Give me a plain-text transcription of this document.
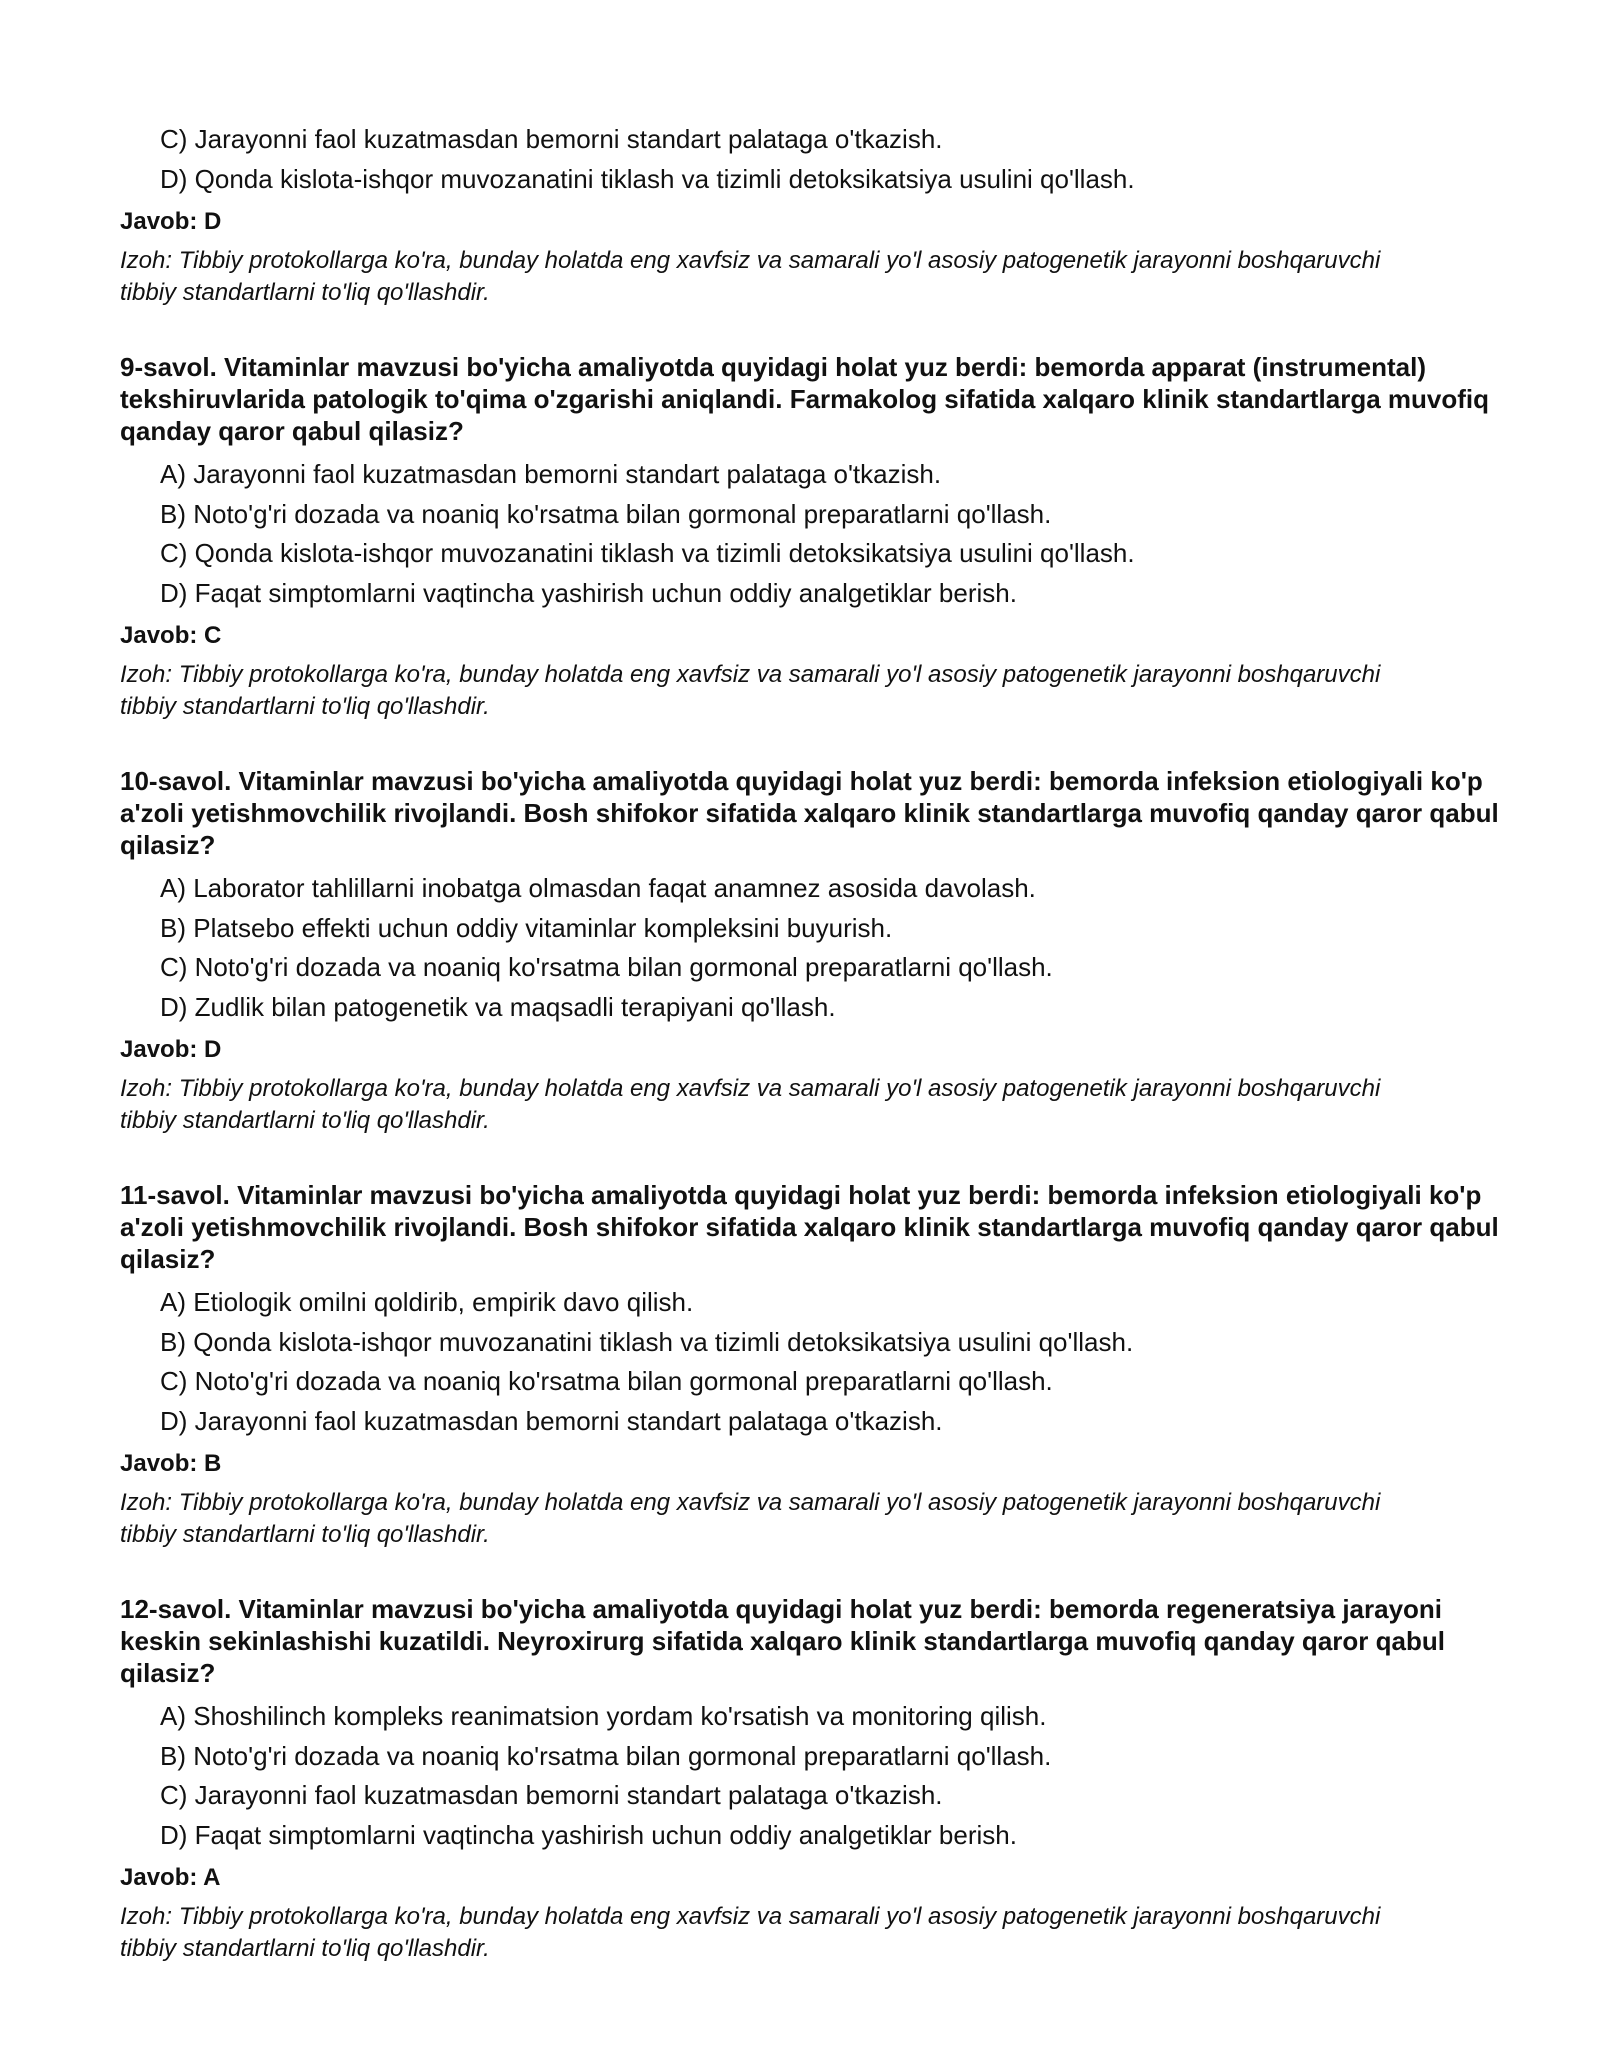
C) Jarayonni faol kuzatmasdan bemorni standart palataga o'tkazish.
D) Qonda kislota-ishqor muvozanatini tiklash va tizimli detoksikatsiya usulini qo'llash.
Javob: D
Izoh: Tibbiy protokollarga ko'ra, bunday holatda eng xavfsiz va samarali yo'l asosiy patogenetik jarayonni boshqaruvchi tibbiy standartlarni to'liq qo'llashdir.
9-savol. Vitaminlar mavzusi bo'yicha amaliyotda quyidagi holat yuz berdi: bemorda apparat (instrumental) tekshiruvlarida patologik to'qima o'zgarishi aniqlandi. Farmakolog sifatida xalqaro klinik standartlarga muvofiq qanday qaror qabul qilasiz?
A) Jarayonni faol kuzatmasdan bemorni standart palataga o'tkazish.
B) Noto'g'ri dozada va noaniq ko'rsatma bilan gormonal preparatlarni qo'llash.
C) Qonda kislota-ishqor muvozanatini tiklash va tizimli detoksikatsiya usulini qo'llash.
D) Faqat simptomlarni vaqtincha yashirish uchun oddiy analgetiklar berish.
Javob: C
Izoh: Tibbiy protokollarga ko'ra, bunday holatda eng xavfsiz va samarali yo'l asosiy patogenetik jarayonni boshqaruvchi tibbiy standartlarni to'liq qo'llashdir.
10-savol. Vitaminlar mavzusi bo'yicha amaliyotda quyidagi holat yuz berdi: bemorda infeksion etiologiyali ko'p a'zoli yetishmovchilik rivojlandi. Bosh shifokor sifatida xalqaro klinik standartlarga muvofiq qanday qaror qabul qilasiz?
A) Laborator tahlillarni inobatga olmasdan faqat anamnez asosida davolash.
B) Platsebo effekti uchun oddiy vitaminlar kompleksini buyurish.
C) Noto'g'ri dozada va noaniq ko'rsatma bilan gormonal preparatlarni qo'llash.
D) Zudlik bilan patogenetik va maqsadli terapiyani qo'llash.
Javob: D
Izoh: Tibbiy protokollarga ko'ra, bunday holatda eng xavfsiz va samarali yo'l asosiy patogenetik jarayonni boshqaruvchi tibbiy standartlarni to'liq qo'llashdir.
11-savol. Vitaminlar mavzusi bo'yicha amaliyotda quyidagi holat yuz berdi: bemorda infeksion etiologiyali ko'p a'zoli yetishmovchilik rivojlandi. Bosh shifokor sifatida xalqaro klinik standartlarga muvofiq qanday qaror qabul qilasiz?
A) Etiologik omilni qoldirib, empirik davo qilish.
B) Qonda kislota-ishqor muvozanatini tiklash va tizimli detoksikatsiya usulini qo'llash.
C) Noto'g'ri dozada va noaniq ko'rsatma bilan gormonal preparatlarni qo'llash.
D) Jarayonni faol kuzatmasdan bemorni standart palataga o'tkazish.
Javob: B
Izoh: Tibbiy protokollarga ko'ra, bunday holatda eng xavfsiz va samarali yo'l asosiy patogenetik jarayonni boshqaruvchi tibbiy standartlarni to'liq qo'llashdir.
12-savol. Vitaminlar mavzusi bo'yicha amaliyotda quyidagi holat yuz berdi: bemorda regeneratsiya jarayoni keskin sekinlashishi kuzatildi. Neyroxirurg sifatida xalqaro klinik standartlarga muvofiq qanday qaror qabul qilasiz?
A) Shoshilinch kompleks reanimatsion yordam ko'rsatish va monitoring qilish.
B) Noto'g'ri dozada va noaniq ko'rsatma bilan gormonal preparatlarni qo'llash.
C) Jarayonni faol kuzatmasdan bemorni standart palataga o'tkazish.
D) Faqat simptomlarni vaqtincha yashirish uchun oddiy analgetiklar berish.
Javob: A
Izoh: Tibbiy protokollarga ko'ra, bunday holatda eng xavfsiz va samarali yo'l asosiy patogenetik jarayonni boshqaruvchi tibbiy standartlarni to'liq qo'llashdir.
